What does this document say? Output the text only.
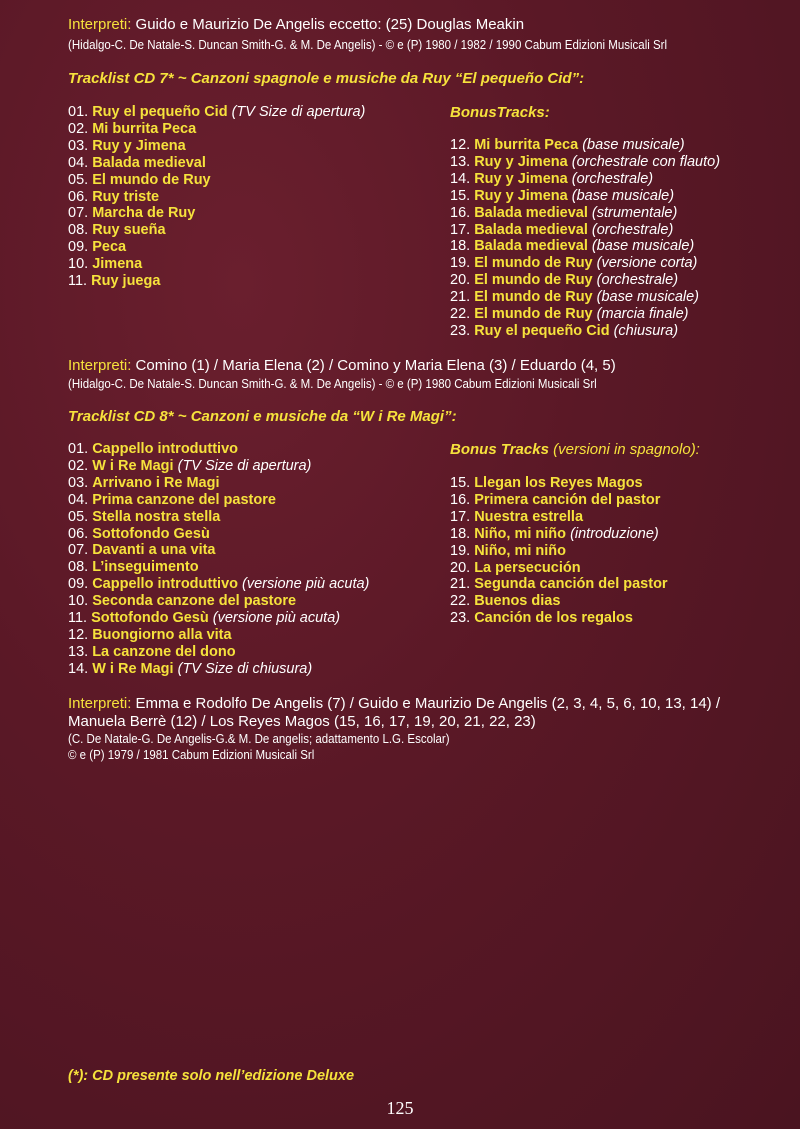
Interpreti: Guido e Maurizio De Angelis eccetto: (25) Douglas Meakin
(Hidalgo-C. De Natale-S. Duncan Smith-G. & M. De Angelis) - © e (P) 1980 / 1982 / 1990 Cabum Edizioni Musicali Srl
Tracklist CD 7* ~ Canzoni spagnole e musiche da Ruy “El pequeño Cid”:
01. Ruy el pequeño Cid (TV Size di apertura)
02. Mi burrita Peca
03. Ruy y Jimena
04. Balada medieval
05. El mundo de Ruy
06. Ruy triste
07. Marcha de Ruy
08. Ruy sueña
09. Peca
10. Jimena
11. Ruy juega
BonusTracks:
12. Mi burrita Peca (base musicale)
13. Ruy y Jimena (orchestrale con flauto)
14. Ruy y Jimena (orchestrale)
15. Ruy y Jimena (base musicale)
16. Balada medieval (strumentale)
17. Balada medieval (orchestrale)
18. Balada medieval (base musicale)
19. El mundo de Ruy (versione corta)
20. El mundo de Ruy (orchestrale)
21. El mundo de Ruy (base musicale)
22. El mundo de Ruy (marcia finale)
23. Ruy el pequeño Cid (chiusura)
Interpreti: Comino (1) / Maria Elena (2) / Comino y Maria Elena (3) / Eduardo (4, 5)
(Hidalgo-C. De Natale-S. Duncan Smith-G. & M. De Angelis) - © e (P) 1980 Cabum Edizioni Musicali Srl
Tracklist CD 8* ~ Canzoni e musiche da “W i Re Magi”:
01. Cappello introduttivo
02. W i Re Magi (TV Size di apertura)
03. Arrivano i Re Magi
04. Prima canzone del pastore
05. Stella nostra stella
06. Sottofondo Gesù
07. Davanti a una vita
08. L’inseguimento
09. Cappello introduttivo (versione più acuta)
10. Seconda canzone del pastore
11. Sottofondo Gesù (versione più acuta)
12. Buongiorno alla vita
13. La canzone del dono
14. W i Re Magi (TV Size di chiusura)
Bonus Tracks (versioni in spagnolo):
15. Llegan los Reyes Magos
16. Primera canción del pastor
17. Nuestra estrella
18. Niño, mi niño (introduzione)
19. Niño, mi niño
20. La persecución
21. Segunda canción del pastor
22. Buenos dias
23. Canción de los regalos
Interpreti: Emma e Rodolfo De Angelis (7) / Guido e Maurizio De Angelis (2, 3, 4, 5, 6, 10, 13, 14) /
Manuela Berrè (12) / Los Reyes Magos (15, 16, 17, 19, 20, 21, 22, 23)
(C. De Natale-G. De Angelis-G.& M. De angelis; adattamento L.G. Escolar)
© e (P) 1979 / 1981 Cabum Edizioni Musicali Srl
(*): CD presente solo nell’edizione Deluxe
125
